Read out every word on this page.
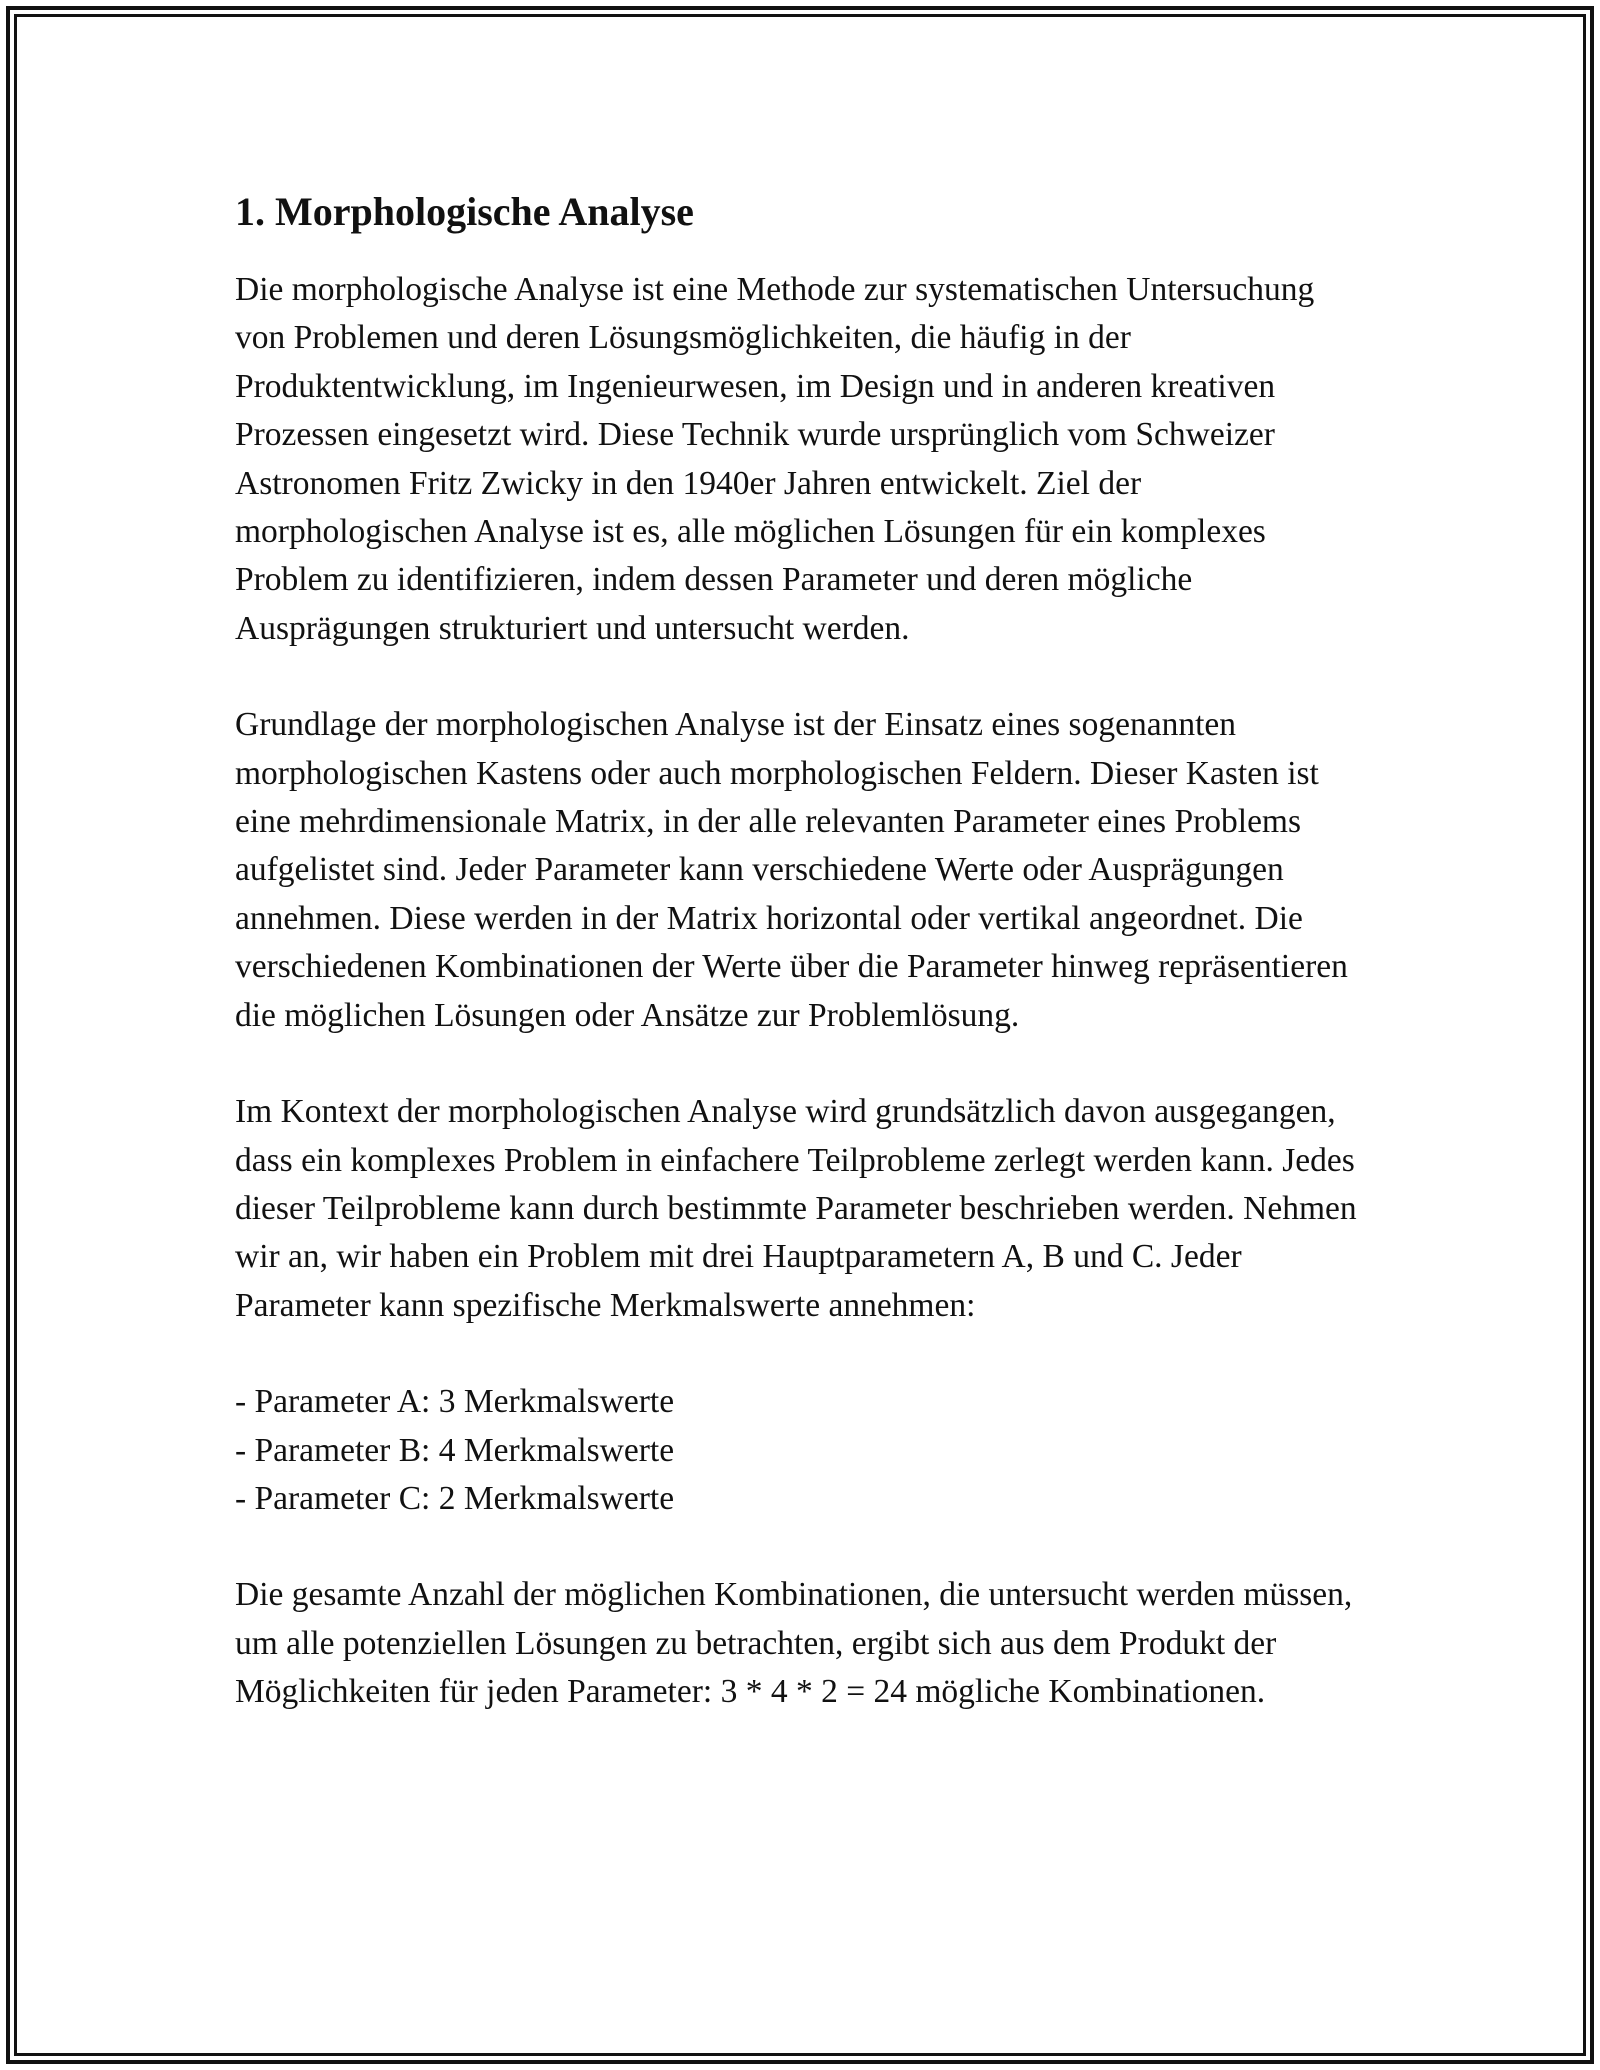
1. Morphologische Analyse

Die morphologische Analyse ist eine Methode zur systematischen Untersuchung von Problemen und deren Lösungsmöglichkeiten, die häufig in der Produktentwicklung, im Ingenieurwesen, im Design und in anderen kreativen Prozessen eingesetzt wird. Diese Technik wurde ursprünglich vom Schweizer Astronomen Fritz Zwicky in den 1940er Jahren entwickelt. Ziel der morphologischen Analyse ist es, alle möglichen Lösungen für ein komplexes Problem zu identifizieren, indem dessen Parameter und deren mögliche Ausprägungen strukturiert und untersucht werden.

Grundlage der morphologischen Analyse ist der Einsatz eines sogenannten morphologischen Kastens oder auch morphologischen Feldern. Dieser Kasten ist eine mehrdimensionale Matrix, in der alle relevanten Parameter eines Problems aufgelistet sind. Jeder Parameter kann verschiedene Werte oder Ausprägungen annehmen. Diese werden in der Matrix horizontal oder vertikal angeordnet. Die verschiedenen Kombinationen der Werte über die Parameter hinweg repräsentieren die möglichen Lösungen oder Ansätze zur Problemlösung.

Im Kontext der morphologischen Analyse wird grundsätzlich davon ausgegangen, dass ein komplexes Problem in einfachere Teilprobleme zerlegt werden kann. Jedes dieser Teilprobleme kann durch bestimmte Parameter beschrieben werden. Nehmen wir an, wir haben ein Problem mit drei Hauptparametern A, B und C. Jeder Parameter kann spezifische Merkmalswerte annehmen:

- Parameter A: 3 Merkmalswerte
- Parameter B: 4 Merkmalswerte
- Parameter C: 2 Merkmalswerte

Die gesamte Anzahl der möglichen Kombinationen, die untersucht werden müssen, um alle potenziellen Lösungen zu betrachten, ergibt sich aus dem Produkt der Möglichkeiten für jeden Parameter: 3 * 4 * 2 = 24 mögliche Kombinationen.
